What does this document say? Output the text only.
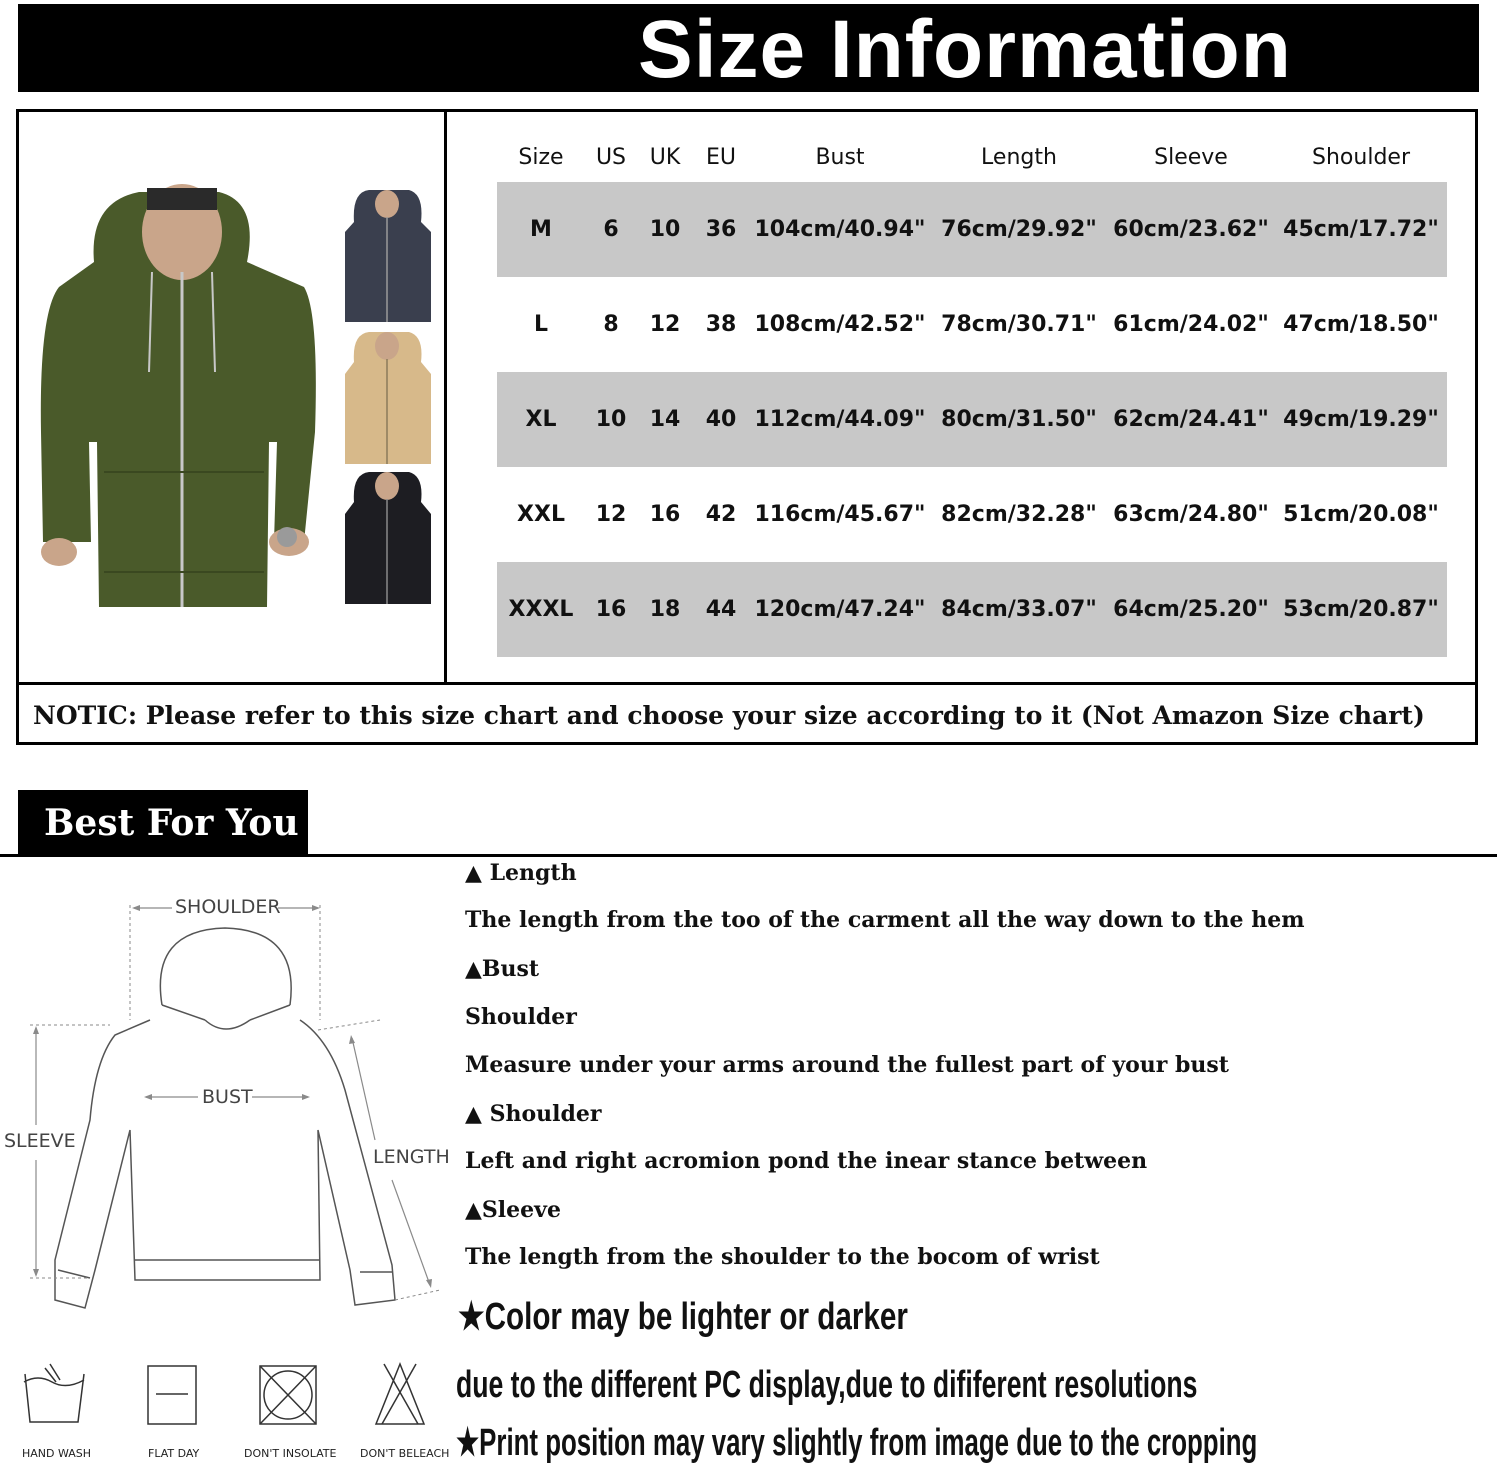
Size Information
Size	US	UK	EU	Bust	Length	Sleeve	Shoulder
M	6	10	36 104cm/40.94" 76cm/29.92" 60cm/23.62" 45cm/17.72"
L	8	12	38 108cm/42.52" 78cm/30.71" 61cm/24.02" 47cm/18.50"
XL	10	14	40 112cm/44.09" 80cm/31.50" 62cm/24.41" 49cm/19.29"
XXL	12	16	42 116cm/45.67" 82cm/32.28" 63cm/24.80" 51cm/20.08"
XXXL	16	18	44 120cm/47.24" 84cm/33.07" 64cm/25.20" 53cm/20.87"
NOTIC: Please refer to this size chart and choose your size according to it (Not Amazon Size chart)
Best For You
SHOULDER
BUST
SLEEVE
LENGTH
HAND WASH	FLAT DAY	DON'T INSOLATE DON'T BELEACH
▲ Length
The length from the too of the carment all the way down to the hem
▲Bust
Shoulder
Measure under your arms around the fullest part of your bust
▲ Shoulder
Left and right acromion pond the inear stance between
▲Sleeve
The length from the shoulder to the bocom of wrist
★Color may be lighter or darker
due to the different PC display,due to dififerent resolutions
★Print position may vary slightly from image due to the cropping
